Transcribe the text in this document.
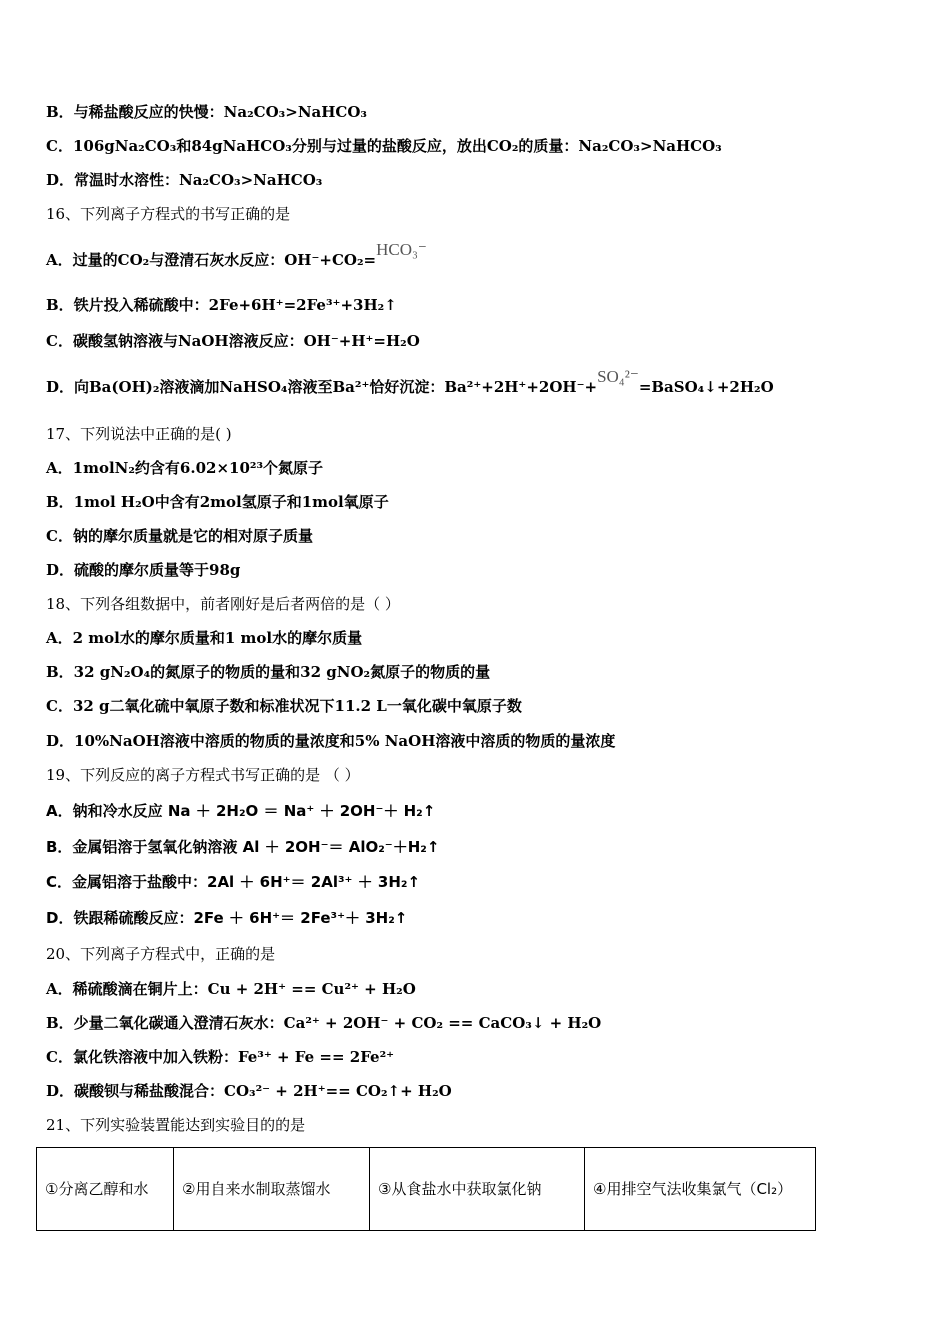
B．与稀盐酸反应的快慢：Na₂CO₃>NaHCO₃
C．106gNa₂CO₃和84gNaHCO₃分别与过量的盐酸反应，放出CO₂的质量：Na₂CO₃>NaHCO₃
D．常温时水溶性：Na₂CO₃>NaHCO₃
16、下列离子方程式的书写正确的是
A．过量的CO₂与澄清石灰水反应：OH⁻+CO₂=HCO₃⁻
B．铁片投入稀硫酸中：2Fe+6H⁺=2Fe³⁺+3H₂↑
C．碳酸氢钠溶液与NaOH溶液反应：OH⁻+H⁺=H₂O
D．向Ba(OH)₂溶液滴加NaHSO₄溶液至Ba²⁺恰好沉淀：Ba²⁺+2H⁺+2OH⁻+SO₄²⁻=BaSO₄↓+2H₂O
17、下列说法中正确的是( )
A．1molN₂约含有6.02×10²³个氮原子
B．1mol H₂O中含有2mol氢原子和1mol氧原子
C．钠的摩尔质量就是它的相对原子质量
D．硫酸的摩尔质量等于98g
18、下列各组数据中，前者刚好是后者两倍的是（ ）
A．2 mol水的摩尔质量和1 mol水的摩尔质量
B．32 gN₂O₄的氮原子的物质的量和32 gNO₂氮原子的物质的量
C．32 g二氧化硫中氧原子数和标准状况下11.2 L一氧化碳中氧原子数
D．10%NaOH溶液中溶质的物质的量浓度和5% NaOH溶液中溶质的物质的量浓度
19、下列反应的离子方程式书写正确的是 （ ）
A．钠和冷水反应 Na ＋ 2H₂O ＝ Na⁺ ＋ 2OH⁻＋ H₂↑
B．金属铝溶于氢氧化钠溶液 Al ＋ 2OH⁻＝ AlO₂⁻＋H₂↑
C．金属铝溶于盐酸中：2Al ＋ 6H⁺＝ 2Al³⁺ ＋ 3H₂↑
D．铁跟稀硫酸反应：2Fe ＋ 6H⁺＝ 2Fe³⁺＋ 3H₂↑
20、下列离子方程式中，正确的是
A．稀硫酸滴在铜片上：Cu + 2H⁺ == Cu²⁺ + H₂O
B．少量二氧化碳通入澄清石灰水：Ca²⁺ + 2OH⁻ + CO₂ == CaCO₃↓ + H₂O
C．氯化铁溶液中加入铁粉：Fe³⁺ + Fe == 2Fe²⁺
D．碳酸钡与稀盐酸混合：CO₃²⁻ + 2H⁺== CO₂↑+ H₂O
21、下列实验装置能达到实验目的的是
①分离乙醇和水	②用自来水制取蒸馏水	③从食盐水中获取氯化钠	④用排空气法收集氯气（Cl₂）
